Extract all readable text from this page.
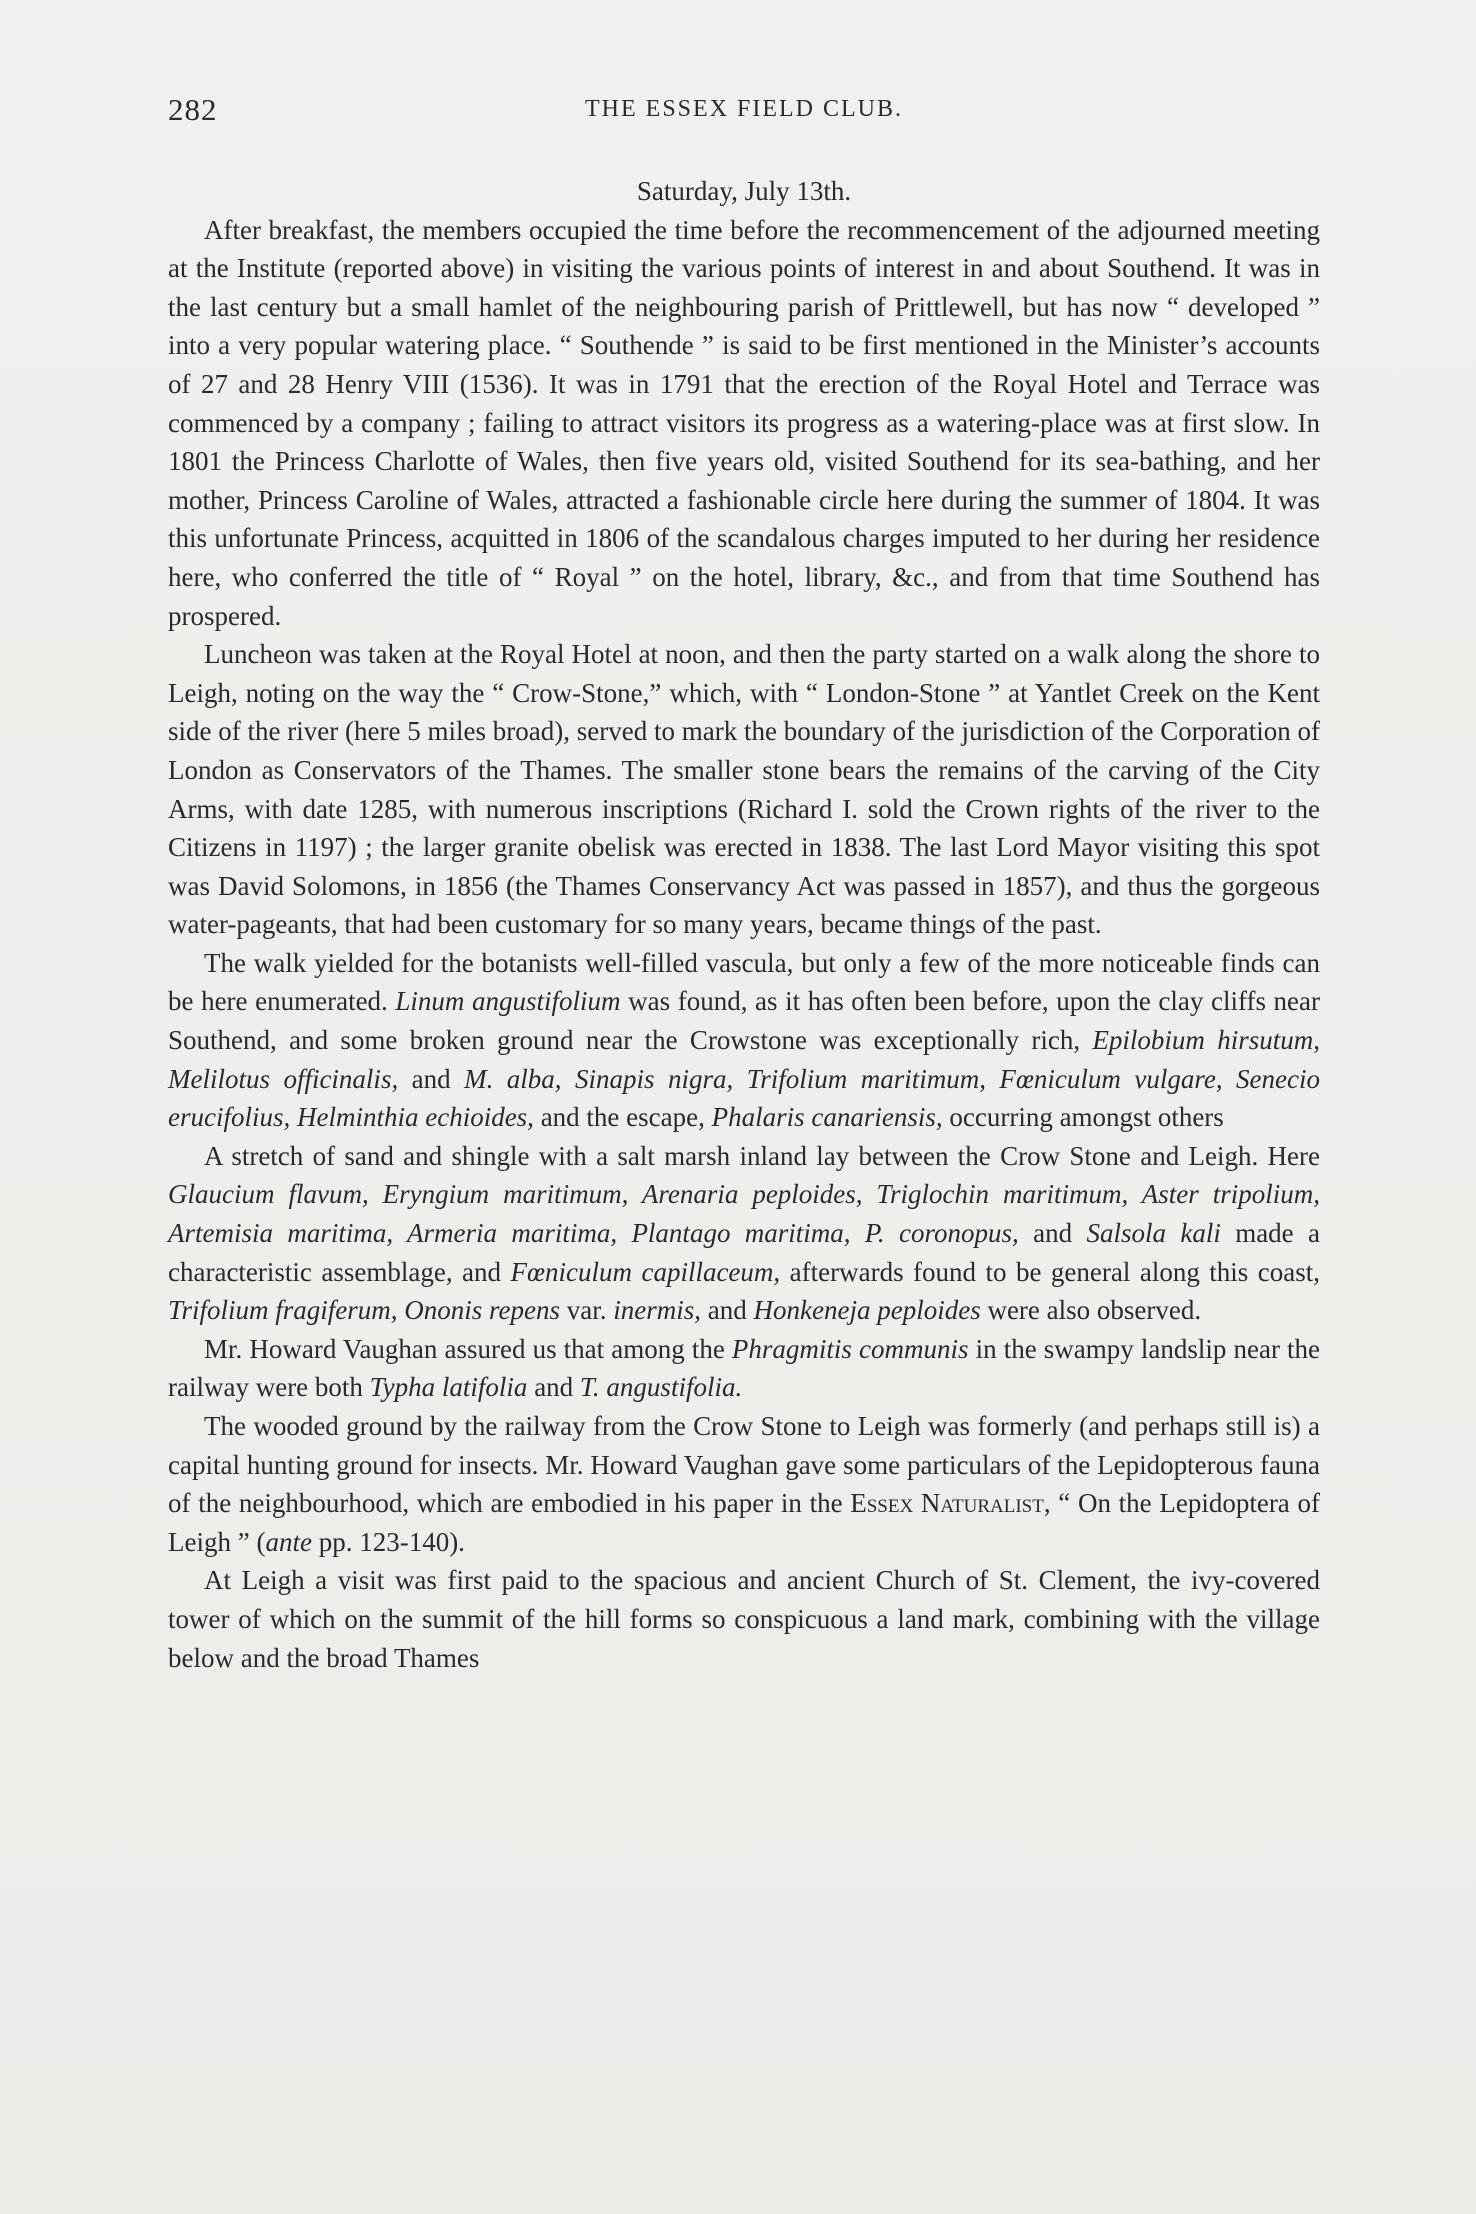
282	THE ESSEX FIELD CLUB.
Saturday, July 13th.

After breakfast, the members occupied the time before the recommencement of the adjourned meeting at the Institute (reported above) in visiting the various points of interest in and about Southend. It was in the last century but a small hamlet of the neighbouring parish of Prittlewell, but has now “ developed ” into a very popular watering place. “ Southende ” is said to be first mentioned in the Minister’s accounts of 27 and 28 Henry VIII (1536). It was in 1791 that the erection of the Royal Hotel and Terrace was commenced by a company ; failing to attract visitors its progress as a watering-place was at first slow. In 1801 the Princess Charlotte of Wales, then five years old, visited Southend for its sea-bathing, and her mother, Princess Caroline of Wales, attracted a fashionable circle here during the summer of 1804. It was this unfortunate Princess, acquitted in 1806 of the scandalous charges imputed to her during her residence here, who conferred the title of “ Royal ” on the hotel, library, &c., and from that time Southend has prospered.

Luncheon was taken at the Royal Hotel at noon, and then the party started on a walk along the shore to Leigh, noting on the way the “ Crow-Stone,” which, with “ London-Stone ” at Yantlet Creek on the Kent side of the river (here 5 miles broad), served to mark the boundary of the jurisdiction of the Corporation of London as Conservators of the Thames. The smaller stone bears the remains of the carving of the City Arms, with date 1285, with numerous inscriptions (Richard I. sold the Crown rights of the river to the Citizens in 1197) ; the larger granite obelisk was erected in 1838. The last Lord Mayor visiting this spot was David Solomons, in 1856 (the Thames Conservancy Act was passed in 1857), and thus the gorgeous water-pageants, that had been customary for so many years, became things of the past.

The walk yielded for the botanists well-filled vascula, but only a few of the more noticeable finds can be here enumerated. Linum angustifolium was found, as it has often been before, upon the clay cliffs near Southend, and some broken ground near the Crowstone was exceptionally rich, Epilobium hirsutum, Melilotus officinalis, and M. alba, Sinapis nigra, Trifolium maritimum, Fœniculum vulgare, Senecio erucifolius, Helminthia echioides, and the escape, Phalaris canariensis, occurring amongst others

A stretch of sand and shingle with a salt marsh inland lay between the Crow Stone and Leigh. Here Glaucium flavum, Eryngium maritimum, Arenaria peploides, Triglochin maritimum, Aster tripolium, Artemisia maritima, Armeria maritima, Plantago maritima, P. coronopus, and Salsola kali made a characteristic assemblage, and Fœniculum capillaceum, afterwards found to be general along this coast, Trifolium fragiferum, Ononis repens var. inermis, and Honkeneja peploides were also observed.

Mr. Howard Vaughan assured us that among the Phragmitis communis in the swampy landslip near the railway were both Typha latifolia and T. angustifolia.

The wooded ground by the railway from the Crow Stone to Leigh was formerly (and perhaps still is) a capital hunting ground for insects. Mr. Howard Vaughan gave some particulars of the Lepidopterous fauna of the neighbourhood, which are embodied in his paper in the Essex Naturalist, “ On the Lepidoptera of Leigh ” (ante pp. 123-140).

At Leigh a visit was first paid to the spacious and ancient Church of St. Clement, the ivy-covered tower of which on the summit of the hill forms so conspicuous a land mark, combining with the village below and the broad Thames
